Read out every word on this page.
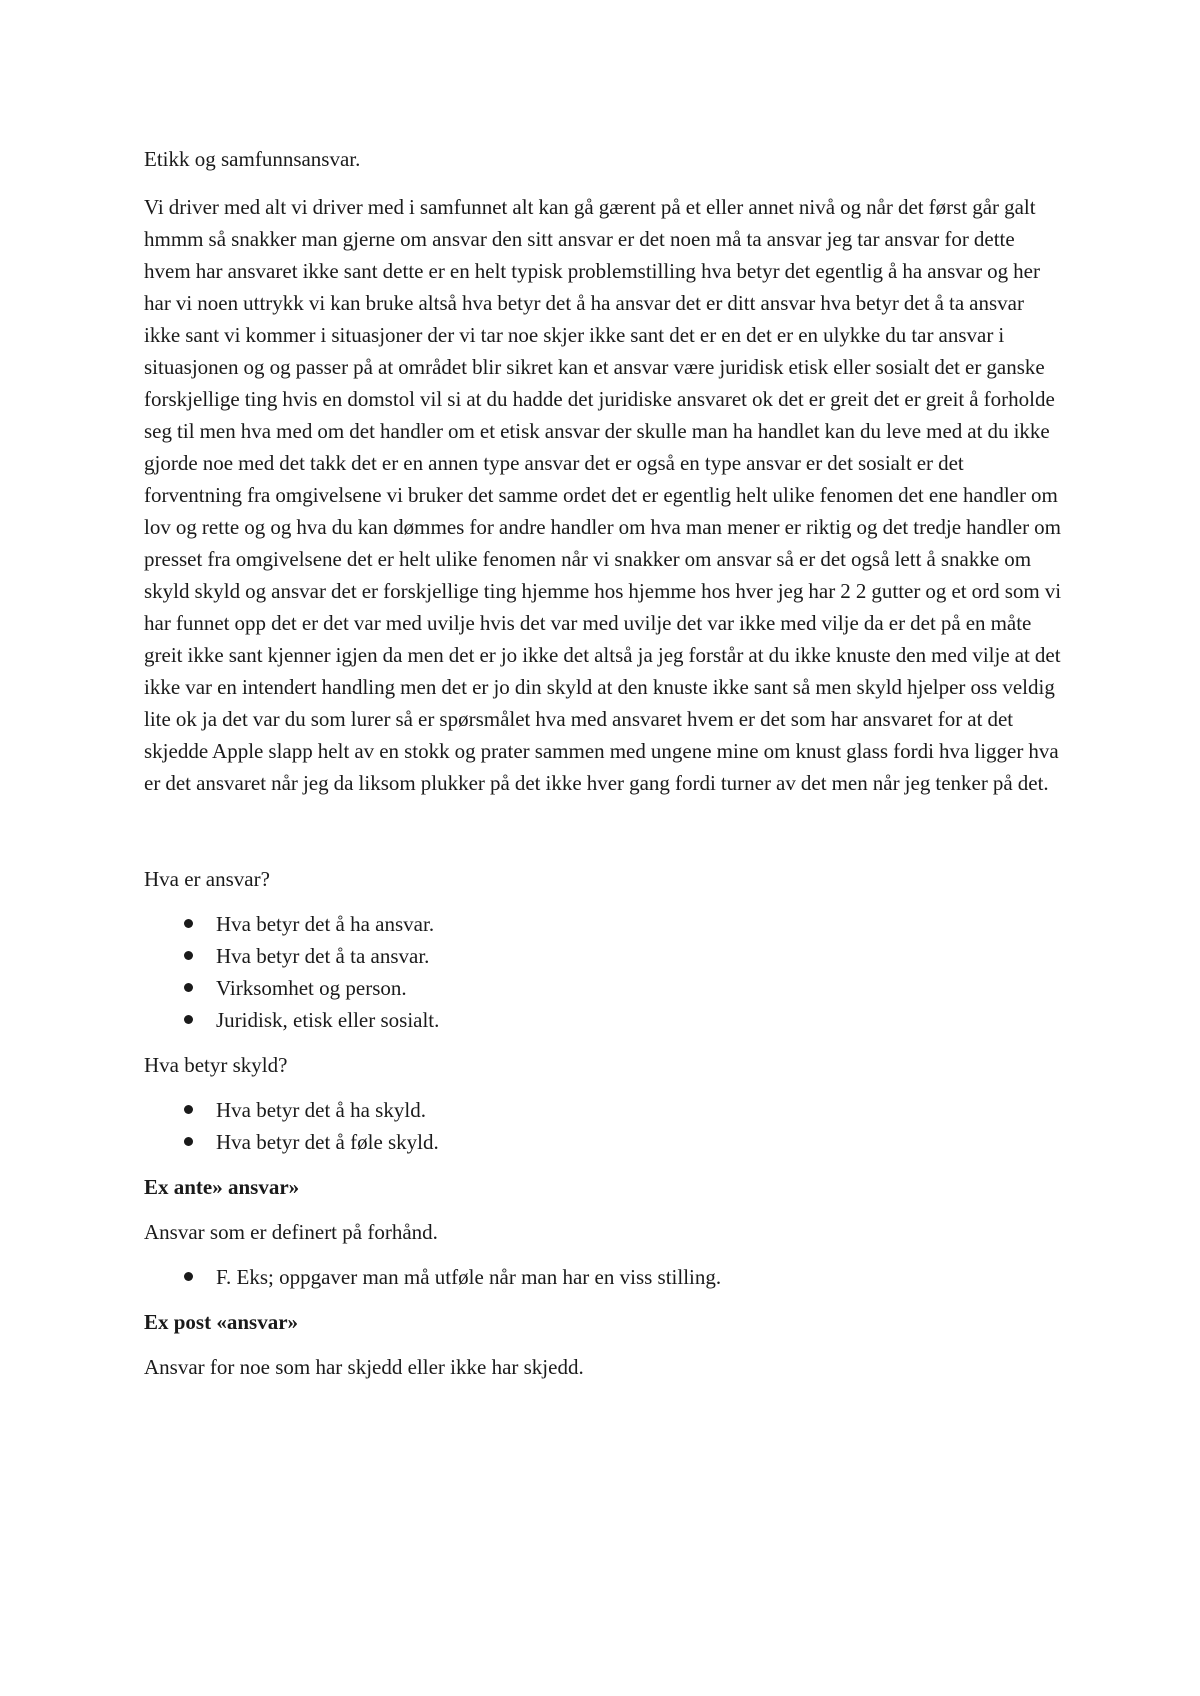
Etikk og samfunnsansvar.

Vi driver med alt vi driver med i samfunnet alt kan gå gærent på et eller annet nivå og når det først går galt hmmm så snakker man gjerne om ansvar den sitt ansvar er det noen må ta ansvar jeg tar ansvar for dette hvem har ansvaret ikke sant dette er en helt typisk problemstilling hva betyr det egentlig å ha ansvar og her har vi noen uttrykk vi kan bruke altså hva betyr det å ha ansvar det er ditt ansvar hva betyr det å ta ansvar ikke sant vi kommer i situasjoner der vi tar noe skjer ikke sant det er en det er en ulykke du tar ansvar i situasjonen og og passer på at området blir sikret kan et ansvar være juridisk etisk eller sosialt det er ganske forskjellige ting hvis en domstol vil si at du hadde det juridiske ansvaret ok det er greit det er greit å forholde seg til men hva med om det handler om et etisk ansvar der skulle man ha handlet kan du leve med at du ikke gjorde noe med det takk det er en annen type ansvar det er også en type ansvar er det sosialt er det forventning fra omgivelsene vi bruker det samme ordet det er egentlig helt ulike fenomen det ene handler om lov og rette og og hva du kan dømmes for andre handler om hva man mener er riktig og det tredje handler om presset fra omgivelsene det er helt ulike fenomen når vi snakker om ansvar så er det også lett å snakke om skyld skyld og ansvar det er forskjellige ting hjemme hos hjemme hos hver jeg har 2 2 gutter og et ord som vi har funnet opp det er det var med uvilje hvis det var med uvilje det var ikke med vilje da er det på en måte greit ikke sant kjenner igjen da men det er jo ikke det altså ja jeg forstår at du ikke knuste den med vilje at det ikke var en intendert handling men det er jo din skyld at den knuste ikke sant så men skyld hjelper oss veldig lite ok ja det var du som lurer så er spørsmålet hva med ansvaret hvem er det som har ansvaret for at det skjedde Apple slapp helt av en stokk og prater sammen med ungene mine om knust glass fordi hva ligger hva er det ansvaret når jeg da liksom plukker på det ikke hver gang fordi turner av det men når jeg tenker på det.

Hva er ansvar?

Hva betyr det å ha ansvar.
Hva betyr det å ta ansvar.
Virksomhet og person.
Juridisk, etisk eller sosialt.

Hva betyr skyld?

Hva betyr det å ha skyld.
Hva betyr det å føle skyld.

Ex ante» ansvar»

Ansvar som er definert på forhånd.

F. Eks; oppgaver man må utføle når man har en viss stilling.

Ex post «ansvar»

Ansvar for noe som har skjedd eller ikke har skjedd.
